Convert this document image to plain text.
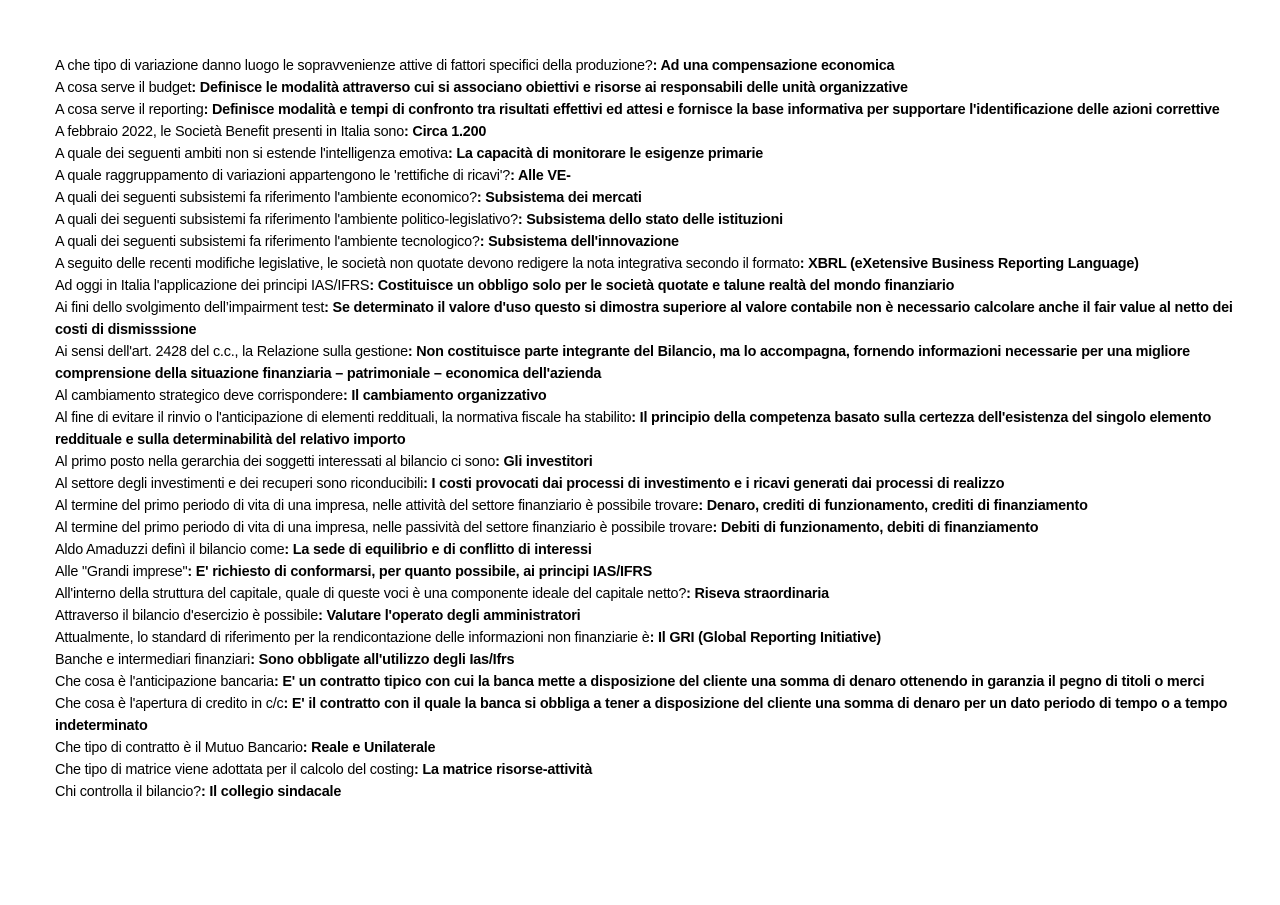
A che tipo di variazione danno luogo le sopravvenienze attive di fattori specifici della produzione?: Ad una compensazione economica

A cosa serve il budget: Definisce le modalità attraverso cui si associano obiettivi e risorse ai responsabili delle unità organizzative

A cosa serve il reporting: Definisce modalità e tempi di confronto tra risultati effettivi ed attesi e fornisce la base informativa per supportare l'identificazione delle azioni correttive

A febbraio 2022, le Società Benefit presenti in Italia sono: Circa 1.200

A quale dei seguenti ambiti non si estende l'intelligenza emotiva: La capacità di monitorare le esigenze primarie

A quale raggruppamento di variazioni appartengono le 'rettifiche di ricavi'?: Alle VE-

A quali dei seguenti subsistemi fa riferimento l'ambiente economico?: Subsistema dei mercati

A quali dei seguenti subsistemi fa riferimento l'ambiente politico-legislativo?: Subsistema dello stato delle istituzioni

A quali dei seguenti subsistemi fa riferimento l'ambiente tecnologico?: Subsistema dell'innovazione

A seguito delle recenti modifiche legislative, le società non quotate devono redigere la nota integrativa secondo il formato: XBRL (eXetensive Business Reporting Language)

Ad oggi in Italia l'applicazione dei principi IAS/IFRS: Costituisce un obbligo solo per le società quotate e talune realtà del mondo finanziario

Ai fini dello svolgimento dell’impairment test: Se determinato il valore d'uso questo si dimostra superiore al valore contabile non è necessario calcolare anche il fair value al netto dei costi di dismisssione

Ai sensi dell'art. 2428 del c.c., la Relazione sulla gestione: Non costituisce parte integrante del Bilancio, ma lo accompagna, fornendo informazioni necessarie per una migliore comprensione della situazione finanziaria – patrimoniale – economica dell'azienda

Al cambiamento strategico deve corrispondere: Il cambiamento organizzativo

Al fine di evitare il rinvio o l'anticipazione di elementi reddituali, la normativa fiscale ha stabilito: Il principio della competenza basato sulla certezza dell'esistenza del singolo elemento reddituale e sulla determinabilità del relativo importo

Al primo posto nella gerarchia dei soggetti interessati al bilancio ci sono: Gli investitori

Al settore degli investimenti e dei recuperi sono riconducibili: I costi provocati dai processi di investimento e i ricavi generati dai processi di realizzo

Al termine del primo periodo di vita di una impresa, nelle attività del settore finanziario è possibile trovare: Denaro, crediti di funzionamento, crediti di finanziamento

Al termine del primo periodo di vita di una impresa, nelle passività del settore finanziario è possibile trovare: Debiti di funzionamento, debiti di finanziamento

Aldo Amaduzzi definì il bilancio come: La sede di equilibrio e di conflitto di interessi

Alle "Grandi imprese": E' richiesto di conformarsi, per quanto possibile, ai principi IAS/IFRS

All'interno della struttura del capitale, quale di queste voci è una componente ideale del capitale netto?: Riseva straordinaria

Attraverso il bilancio d'esercizio è possibile: Valutare l'operato degli amministratori

Attualmente, lo standard di riferimento per la rendicontazione delle informazioni non finanziarie è: Il GRI (Global Reporting Initiative)

Banche e intermediari finanziari: Sono obbligate all'utilizzo degli Ias/Ifrs

Che cosa è l'anticipazione bancaria: E' un contratto tipico con cui la banca mette a disposizione del cliente una somma di denaro ottenendo in garanzia il pegno di titoli o merci

Che cosa è l'apertura di credito in c/c: E' il contratto con il quale la banca si obbliga a tener a disposizione del cliente una somma di denaro per un dato periodo di tempo o a tempo indeterminato

Che tipo di contratto è il Mutuo Bancario: Reale e Unilaterale

Che tipo di matrice viene adottata per il calcolo del costing: La matrice risorse-attività

Chi controlla il bilancio?: Il collegio sindacale
